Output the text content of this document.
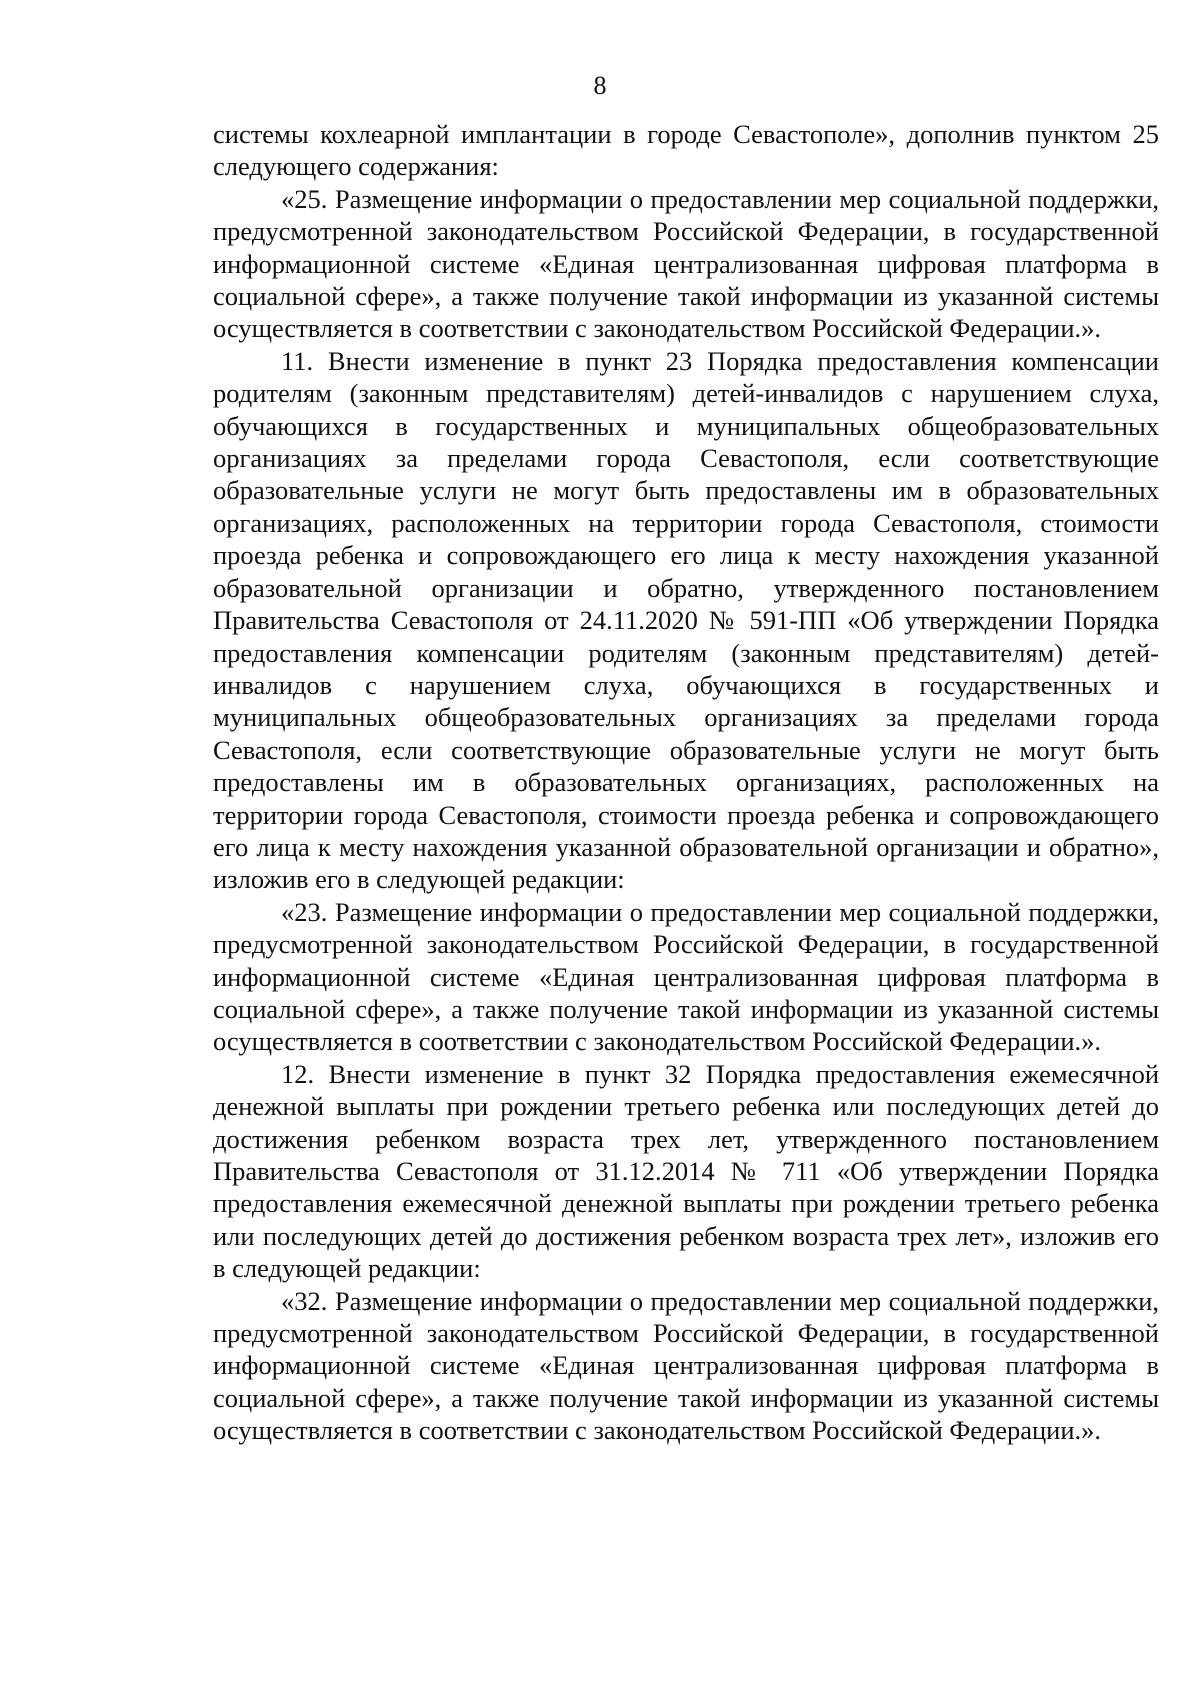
8

системы кохлеарной имплантации в городе Севастополе», дополнив пунктом 25 следующего содержания:

«25. Размещение информации о предоставлении мер социальной поддержки, предусмотренной законодательством Российской Федерации, в государственной информационной системе «Единая централизованная цифровая платформа в социальной сфере», а также получение такой информации из указанной системы осуществляется в соответствии с законодательством Российской Федерации.».

11. Внести изменение в пункт 23 Порядка предоставления компенсации родителям (законным представителям) детей-инвалидов с нарушением слуха, обучающихся в государственных и муниципальных общеобразовательных организациях за пределами города Севастополя, если соответствующие образовательные услуги не могут быть предоставлены им в образовательных организациях, расположенных на территории города Севастополя, стоимости проезда ребенка и сопровождающего его лица к месту нахождения указанной образовательной организации и обратно, утвержденного постановлением Правительства Севастополя от 24.11.2020 № 591-ПП «Об утверждении Порядка предоставления компенсации родителям (законным представителям) детей-инвалидов с нарушением слуха, обучающихся в государственных и муниципальных общеобразовательных организациях за пределами города Севастополя, если соответствующие образовательные услуги не могут быть предоставлены им в образовательных организациях, расположенных на территории города Севастополя, стоимости проезда ребенка и сопровождающего его лица к месту нахождения указанной образовательной организации и обратно», изложив его в следующей редакции:

«23. Размещение информации о предоставлении мер социальной поддержки, предусмотренной законодательством Российской Федерации, в государственной информационной системе «Единая централизованная цифровая платформа в социальной сфере», а также получение такой информации из указанной системы осуществляется в соответствии с законодательством Российской Федерации.».

12. Внести изменение в пункт 32 Порядка предоставления ежемесячной денежной выплаты при рождении третьего ребенка или последующих детей до достижения ребенком возраста трех лет, утвержденного постановлением Правительства Севастополя от 31.12.2014 № 711 «Об утверждении Порядка предоставления ежемесячной денежной выплаты при рождении третьего ребенка или последующих детей до достижения ребенком возраста трех лет», изложив его в следующей редакции:

«32. Размещение информации о предоставлении мер социальной поддержки, предусмотренной законодательством Российской Федерации, в государственной информационной системе «Единая централизованная цифровая платформа в социальной сфере», а также получение такой информации из указанной системы осуществляется в соответствии с законодательством Российской Федерации.».
